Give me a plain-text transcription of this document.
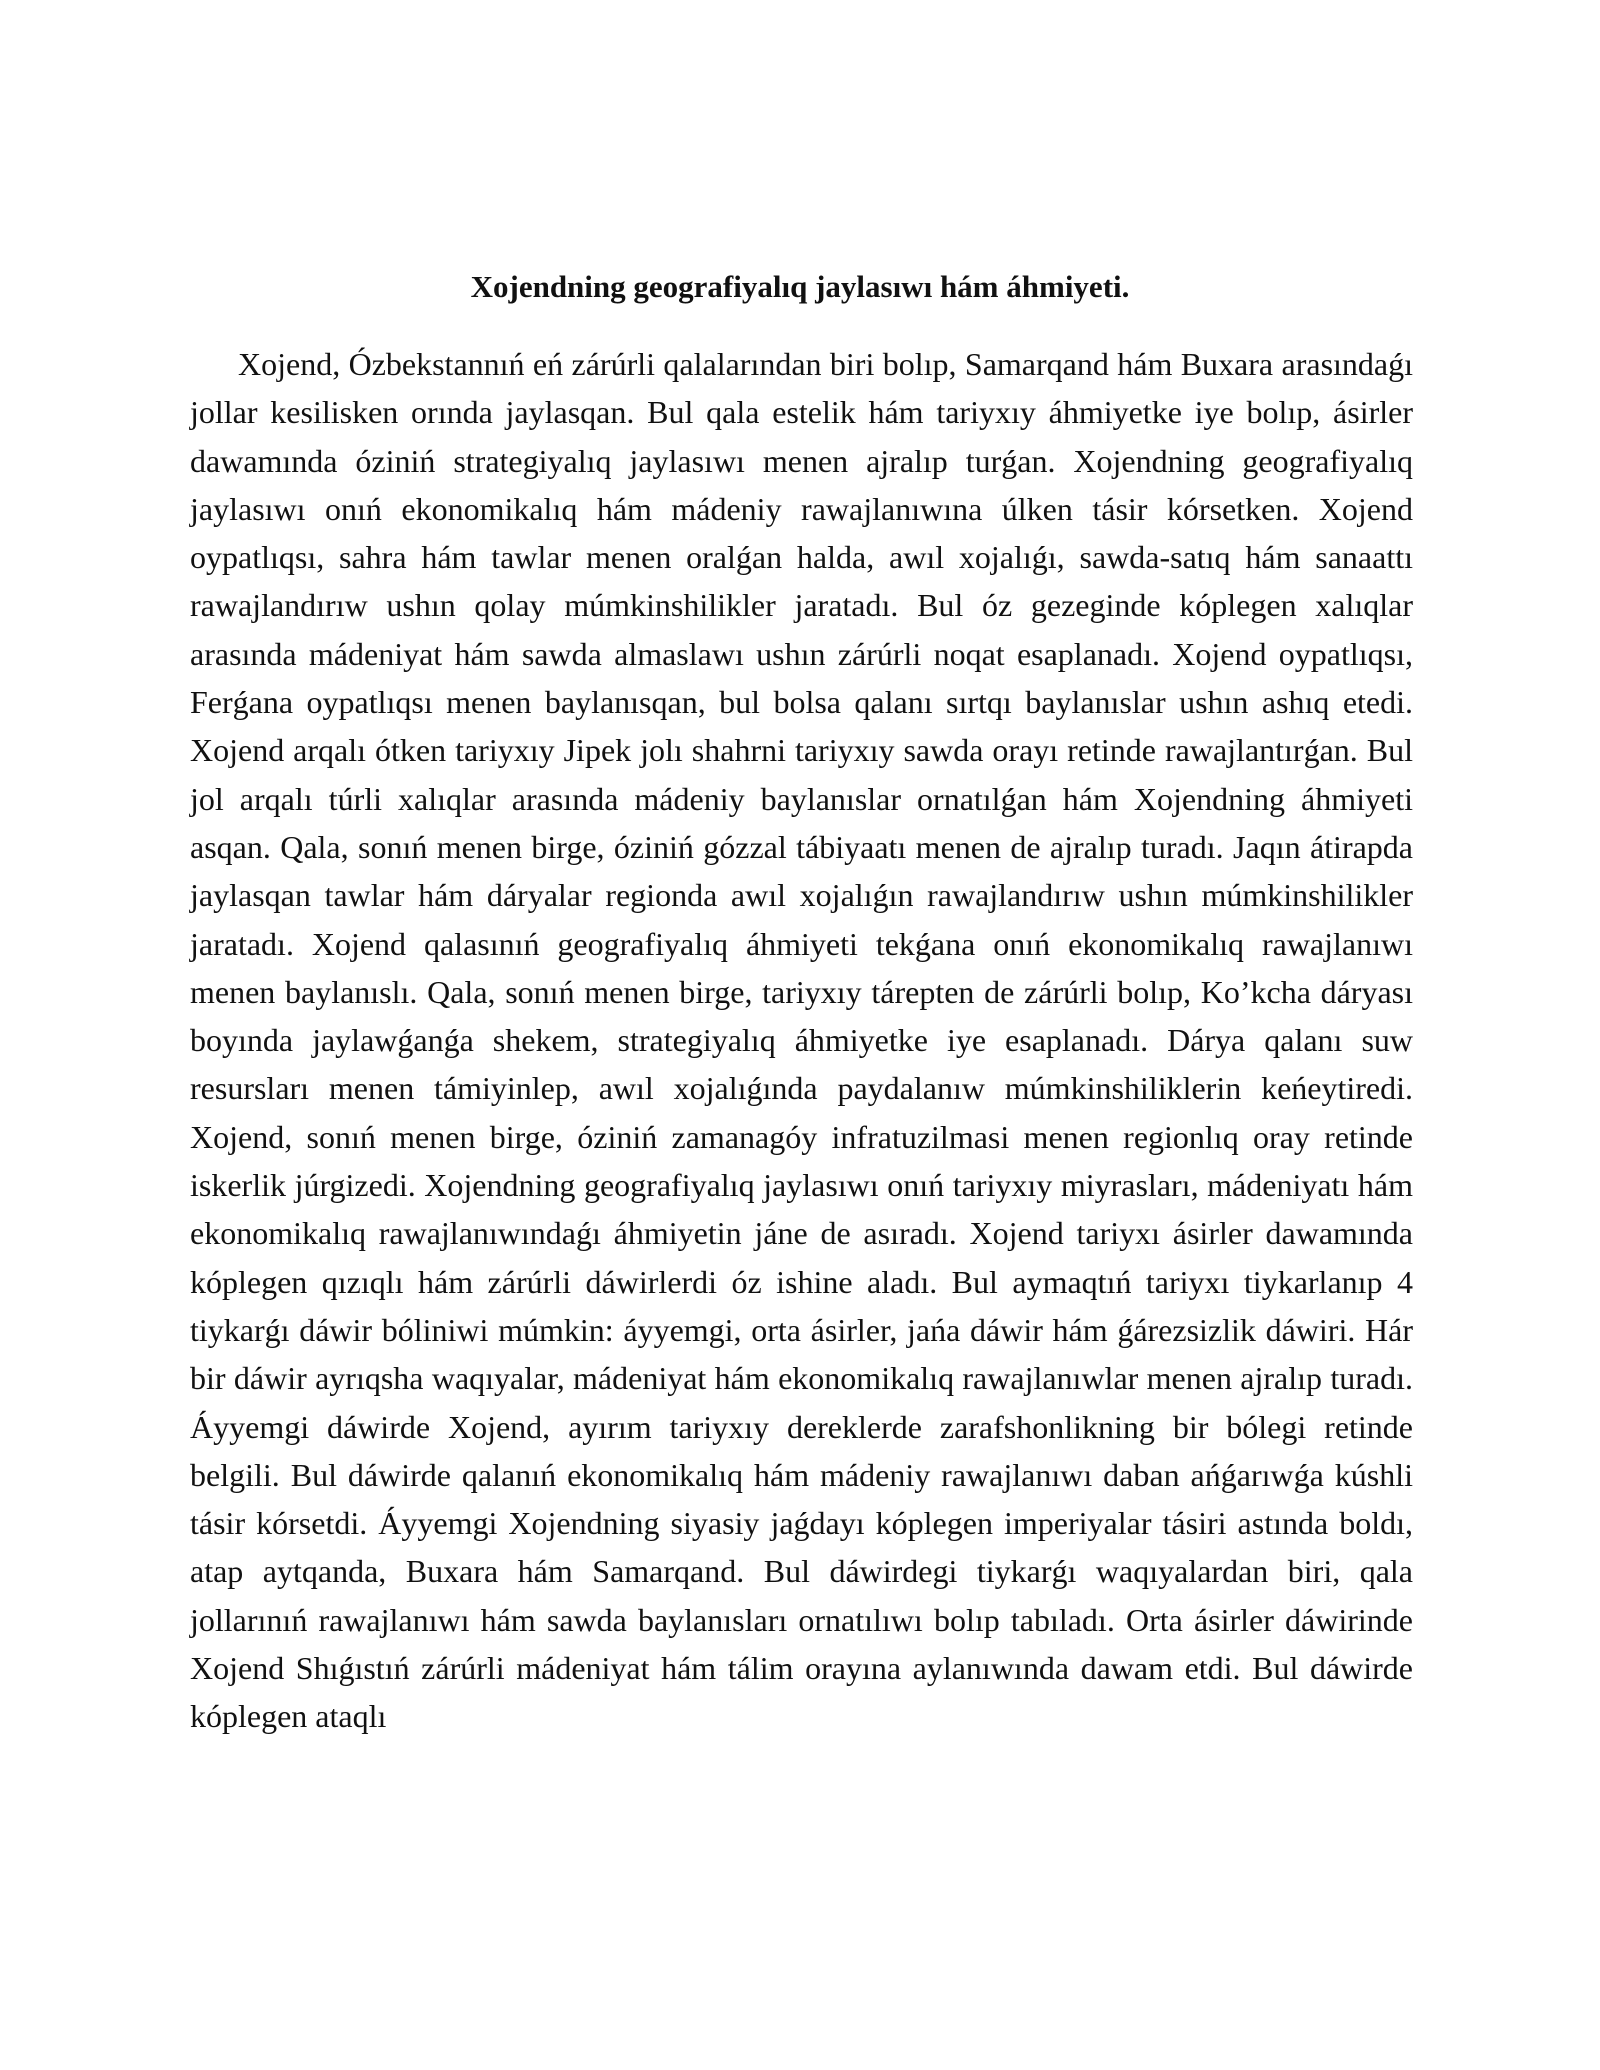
Xojendning geografiyalıq jaylasıwı hám áhmiyeti.

Xojend, Ózbekstannıń eń zárúrli qalalarından biri bolıp, Samarqand hám Buxara arasındaǵı jollar kesilisken orında jaylasqan. Bul qala estelik hám tariyxıy áhmiyetke iye bolıp, ásirler dawamında óziniń strategiyalıq jaylasıwı menen ajralıp turǵan. Xojendning geografiyalıq jaylasıwı onıń ekonomikalıq hám mádeniy rawajlanıwına úlken tásir kórsetken. Xojend oypatlıqsı, sahra hám tawlar menen oralǵan halda, awıl xojalıǵı, sawda-satıq hám sanaattı rawajlandırıw ushın qolay múmkinshilikler jaratadı. Bul óz gezeginde kóplegen xalıqlar arasında mádeniyat hám sawda almaslawı ushın zárúrli noqat esaplanadı. Xojend oypatlıqsı, Ferǵana oypatlıqsı menen baylanısqan, bul bolsa qalanı sırtqı baylanıslar ushın ashıq etedi. Xojend arqalı ótken tariyxıy Jipek jolı shahrni tariyxıy sawda orayı retinde rawajlantırǵan. Bul jol arqalı túrli xalıqlar arasında mádeniy baylanıslar ornatılǵan hám Xojendning áhmiyeti asqan. Qala, sonıń menen birge, óziniń gózzal tábiyaatı menen de ajralıp turadı. Jaqın átirapda jaylasqan tawlar hám dáryalar regionda awıl xojalıǵın rawajlandırıw ushın múmkinshilikler jaratadı. Xojend qalasınıń geografiyalıq áhmiyeti tekǵana onıń ekonomikalıq rawajlanıwı menen baylanıslı. Qala, sonıń menen birge, tariyxıy tárepten de zárúrli bolıp, Ko’kcha dáryası boyında jaylawǵanǵa shekem, strategiyalıq áhmiyetke iye esaplanadı. Dárya qalanı suw resursları menen támiyinlep, awıl xojalıǵında paydalanıw múmkinshiliklerin keńeytiredi. Xojend, sonıń menen birge, óziniń zamanagóy infratuzilmasi menen regionlıq oray retinde iskerlik júrgizedi. Xojendning geografiyalıq jaylasıwı onıń tariyxıy miyrasları, mádeniyatı hám ekonomikalıq rawajlanıwındaǵı áhmiyetin jáne de asıradı. Xojend tariyxı ásirler dawamında kóplegen qızıqlı hám zárúrli dáwirlerdi óz ishine aladı. Bul aymaqtıń tariyxı tiykarlanıp 4 tiykarǵı dáwir bóliniwi múmkin: áyyemgi, orta ásirler, jańa dáwir hám ǵárezsizlik dáwiri. Hár bir dáwir ayrıqsha waqıyalar, mádeniyat hám ekonomikalıq rawajlanıwlar menen ajralıp turadı. Áyyemgi dáwirde Xojend, ayırım tariyxıy dereklerde zarafshonlikning bir bólegi retinde belgili. Bul dáwirde qalanıń ekonomikalıq hám mádeniy rawajlanıwı daban ańǵarıwǵa kúshli tásir kórsetdi. Áyyemgi Xojendning siyasiy jaǵdayı kóplegen imperiyalar tásiri astında boldı, atap aytqanda, Buxara hám Samarqand. Bul dáwirdegi tiykarǵı waqıyalardan biri, qala jollarınıń rawajlanıwı hám sawda baylanısları ornatılıwı bolıp tabıladı. Orta ásirler dáwirinde Xojend Shıǵıstıń zárúrli mádeniyat hám tálim orayına aylanıwında dawam etdi. Bul dáwirde kóplegen ataqlı
